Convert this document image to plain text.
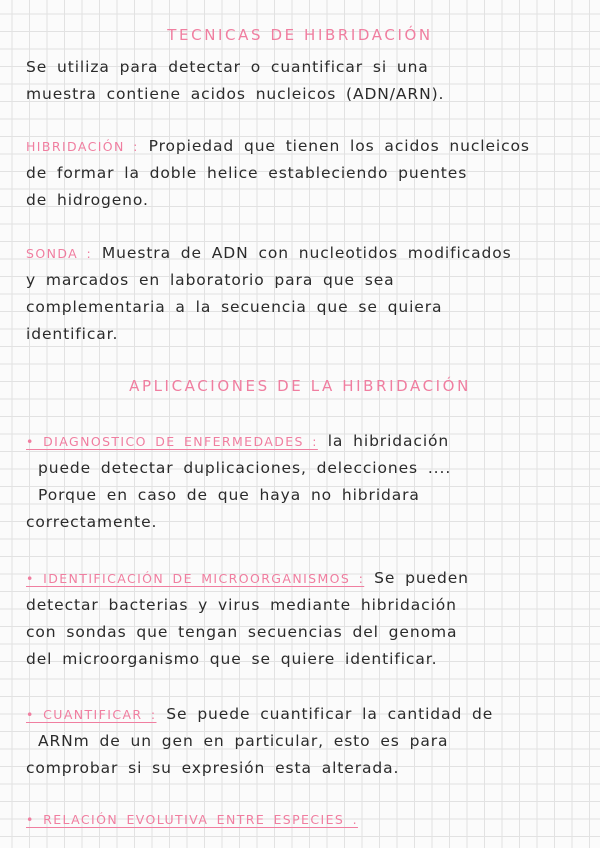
TECNICAS DE HIBRIDACIÓN
Se utiliza para detectar o cuantificar si una
muestra contiene acidos nucleicos (ADN/ARN).
HIBRIDACIÓN : Propiedad que tienen los acidos nucleicos
de formar la doble helice estableciendo puentes
de hidrogeno.
SONDA : Muestra de ADN con nucleotidos modificados
y marcados en laboratorio para que sea
complementaria a la secuencia que se quiera
identificar.
APLICACIONES DE LA HIBRIDACIÓN
• DIAGNOSTICO DE ENFERMEDADES : la hibridación
puede detectar duplicaciones, delecciones ....
Porque en caso de que haya no hibridara
correctamente.
• IDENTIFICACIÓN DE MICROORGANISMOS : Se pueden
detectar bacterias y virus mediante hibridación
con sondas que tengan secuencias del genoma
del microorganismo que se quiere identificar.
• CUANTIFICAR : Se puede cuantificar la cantidad de
ARNm de un gen en particular, esto es para
comprobar si su expresión esta alterada.
• RELACIÓN EVOLUTIVA ENTRE ESPECIES .
